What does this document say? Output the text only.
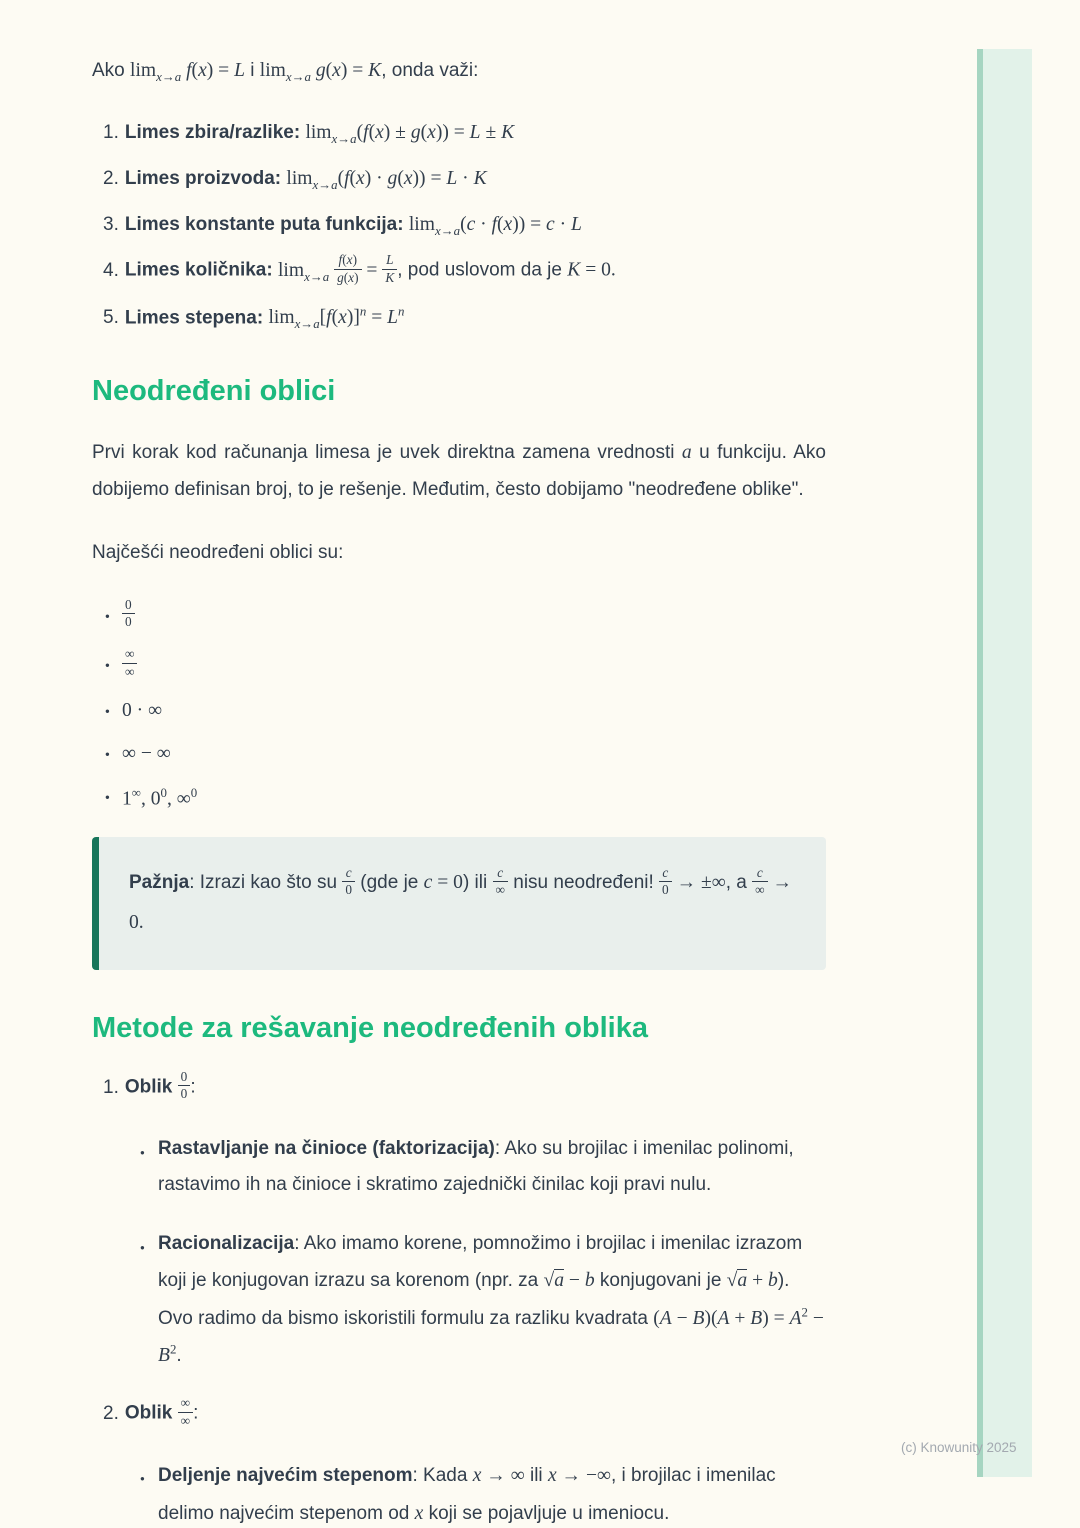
Ako $\lim_{x\to a} f(x) = L$ i $\lim_{x\to a} g(x) = K$, onda važi:

1. Limes zbira/razlike: $\lim_{x\to a}(f(x) \pm g(x)) = L \pm K$
2. Limes proizvoda: $\lim_{x\to a}(f(x) \cdot g(x)) = L \cdot K$
3. Limes konstante puta funkcija: $\lim_{x\to a}(c \cdot f(x)) = c \cdot L$
4. Limes količnika: $\lim_{x\to a} \frac{f(x)}{g(x)} = \frac{L}{K}$ , pod uslovom da je K = 0.
5. Limes stepena: $\lim_{x\to a}[f(x)]^n = L^n$
Neodređeni oblici

Prvi korak kod računanja limesa je uvek direktna zamena vrednosti a u funkciju. Ako dobijemo definisan broj, to je rešenje. Međutim, često dobijamo "neodređene oblike".

Najčešći neodređeni oblici su:

● $\frac{0}{0}$
● $\frac{\infty}{\infty}$
● 0 · ∞
● ∞ − ∞
● 1∞, $0^0$, ∞$^0$
Pažnja: Izrazi kao što su $\frac{c}{0} (gde$ je c = 0) ili $\frac{c}{\infty}$ nisu neodređeni! $\frac{c}{0}$ → ±∞, a $\frac{c}{\infty} \to 0$.
Metode za rešavanje neodređenih oblika
1. Oblik $\frac{0}{0}$ :
● Rastavljanje na činioce (faktorizacija): Ako su brojilac i imenilac polinomi, rastavimo ih na činioce i skratimo zajednički činilac koji pravi nulu.
● Racionalizacija: Ako imamo korene, pomnožimo i brojilac i imenilac izrazom koji je konjugovan izrazu sa korenom (npr. za √a − b konjugovani je √a + b). Ovo radimo da bismo iskoristili formulu za razliku kvadrata $(A - B)(A + B) = A^2 - B^2$.
2. Oblik $\frac{\infty}{\infty}$ :
● Deljenje najvećim stepenom: Kada x → ∞ ili x → −∞, i brojilac i imenilac delimo najvećim stepenom od x koji se pojavljuje u imeniocu.
(c) Knowunity 2025
